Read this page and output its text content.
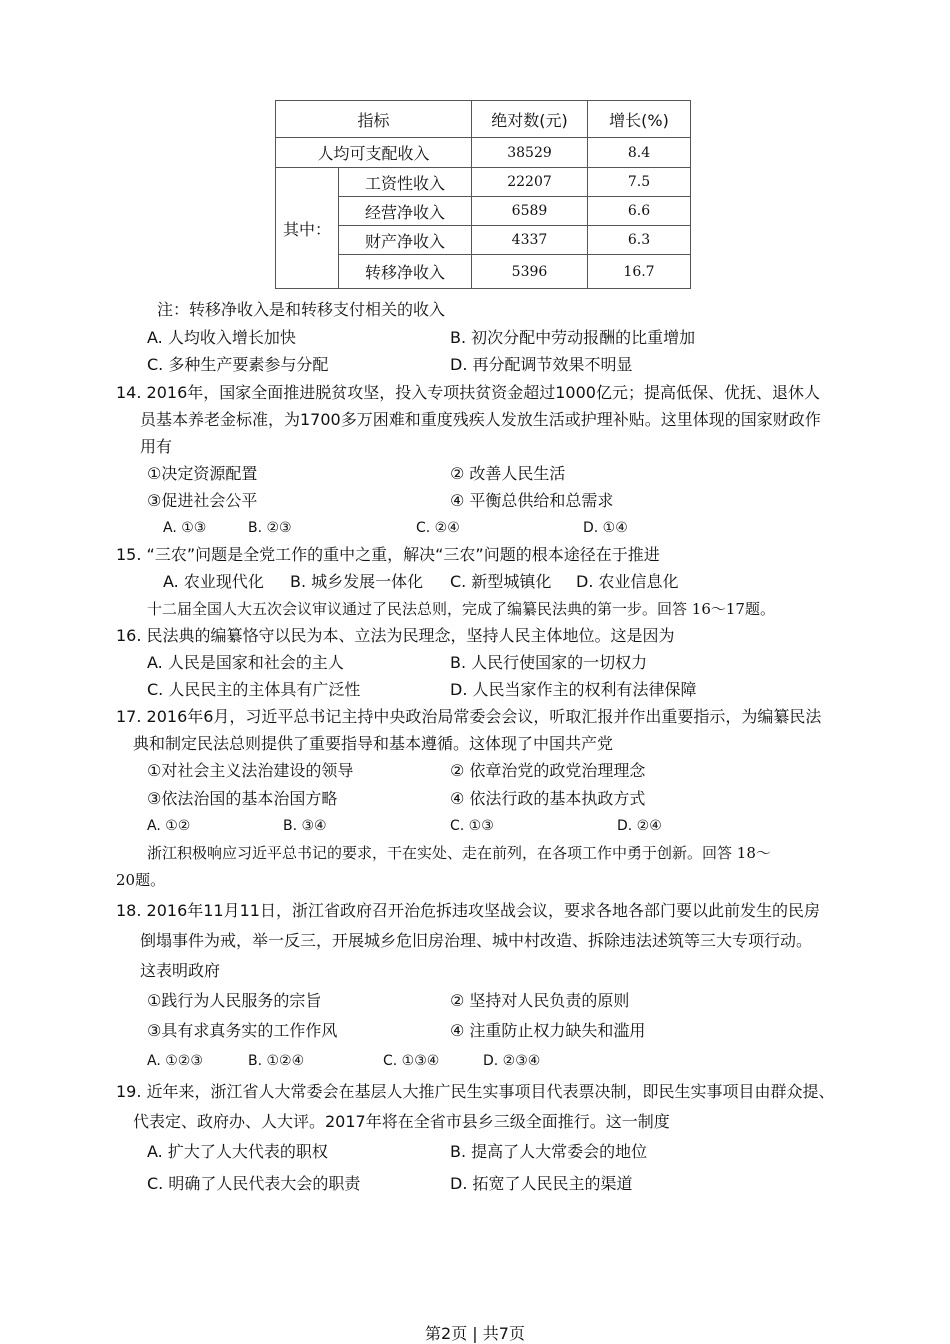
指标		绝对数(元)	增长(%)
人均可支配收入		38529	8.4
其中：	工资性收入	22207	7.5
	经营净收入	6589	6.6
	财产净收入	4337	6.3
	转移净收入	5396	16.7
注：转移净收入是和转移支付相关的收入
A. 人均收入增长加快	B. 初次分配中劳动报酬的比重增加
C. 多种生产要素参与分配	D. 再分配调节效果不明显
14. 2016年，国家全面推进脱贫攻坚，投入专项扶贫资金超过1000亿元；提高低保、优抚、退休人
员基本养老金标准，为1700多万困难和重度残疾人发放生活或护理补贴。这里体现的国家财政作
用有
①决定资源配置	② 改善人民生活
③促进社会公平	④ 平衡总供给和总需求
A. ①③	B. ②③	C. ②④	D. ①④
15. “三农”问题是全党工作的重中之重，解决“三农”问题的根本途径在于推进
A. 农业现代化 B. 城乡发展一体化 C. 新型城镇化 D. 农业信息化
十二届全国人大五次会议审议通过了民法总则，完成了编纂民法典的第一步。回答 16～17题。
16. 民法典的编纂恪守以民为本、立法为民理念，坚持人民主体地位。这是因为
A. 人民是国家和社会的主人	B. 人民行使国家的一切权力
C. 人民民主的主体具有广泛性	D. 人民当家作主的权利有法律保障
17. 2016年6月，习近平总书记主持中央政治局常委会会议，听取汇报并作出重要指示，为编纂民法
典和制定民法总则提供了重要指导和基本遵循。这体现了中国共产党
①对社会主义法治建设的领导	② 依章治党的政党治理理念
③依法治国的基本治国方略	④ 依法行政的基本执政方式
A. ①②	B. ③④	C. ①③	D. ②④
浙江积极响应习近平总书记的要求，干在实处、走在前列，在各项工作中勇于创新。回答 18～
20题。
18. 2016年11月11日，浙江省政府召开治危拆违攻坚战会议，要求各地各部门要以此前发生的民房
倒塌事件为戒，举一反三，开展城乡危旧房治理、城中村改造、拆除违法述筑等三大专项行动。
这表明政府
①践行为人民服务的宗旨	② 坚持对人民负责的原则
③具有求真务实的工作作风	④ 注重防止权力缺失和滥用
A. ①②③	B. ①②④	C. ①③④	D. ②③④
19. 近年来，浙江省人大常委会在基层人大推广民生实事项目代表票决制，即民生实事项目由群众提、
代表定、政府办、人大评。2017年将在全省市县乡三级全面推行。这一制度
A. 扩大了人大代表的职权	B. 提高了人大常委会的地位
C. 明确了人民代表大会的职责	D. 拓宽了人民民主的渠道
第2页 | 共7页
